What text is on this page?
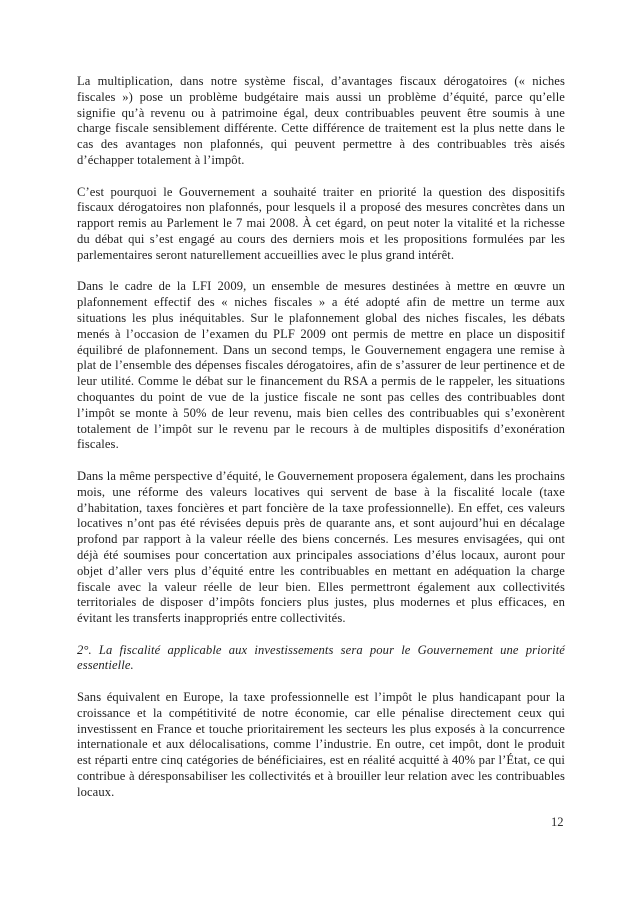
La multiplication, dans notre système fiscal, d’avantages fiscaux dérogatoires (« niches fiscales ») pose un problème budgétaire mais aussi un problème d’équité, parce qu’elle signifie qu’à revenu ou à patrimoine égal, deux contribuables peuvent être soumis à une charge fiscale sensiblement différente. Cette différence de traitement est la plus nette dans le cas des avantages non plafonnés, qui peuvent permettre à des contribuables très aisés d’échapper totalement à l’impôt.

C’est pourquoi le Gouvernement a souhaité traiter en priorité la question des dispositifs fiscaux dérogatoires non plafonnés, pour lesquels il a proposé des mesures concrètes dans un rapport remis au Parlement le 7 mai 2008. À cet égard, on peut noter la vitalité et la richesse du débat qui s’est engagé au cours des derniers mois et les propositions formulées par les parlementaires seront naturellement accueillies avec le plus grand intérêt.

Dans le cadre de la LFI 2009, un ensemble de mesures destinées à mettre en œuvre un plafonnement effectif des « niches fiscales » a été adopté afin de mettre un terme aux situations les plus inéquitables. Sur le plafonnement global des niches fiscales, les débats menés à l’occasion de l’examen du PLF 2009 ont permis de mettre en place un dispositif équilibré de plafonnement. Dans un second temps, le Gouvernement engagera une remise à plat de l’ensemble des dépenses fiscales dérogatoires, afin de s’assurer de leur pertinence et de leur utilité. Comme le débat sur le financement du RSA a permis de le rappeler, les situations choquantes du point de vue de la justice fiscale ne sont pas celles des contribuables dont l’impôt se monte à 50% de leur revenu, mais bien celles des contribuables qui s’exonèrent totalement de l’impôt sur le revenu par le recours à de multiples dispositifs d’exonération fiscales.

Dans la même perspective d’équité, le Gouvernement proposera également, dans les prochains mois, une réforme des valeurs locatives qui servent de base à la fiscalité locale (taxe d’habitation, taxes foncières et part foncière de la taxe professionnelle). En effet, ces valeurs locatives n’ont pas été révisées depuis près de quarante ans, et sont aujourd’hui en décalage profond par rapport à la valeur réelle des biens concernés. Les mesures envisagées, qui ont déjà été soumises pour concertation aux principales associations d’élus locaux, auront pour objet d’aller vers plus d’équité entre les contribuables en mettant en adéquation la charge fiscale avec la valeur réelle de leur bien. Elles permettront également aux collectivités territoriales de disposer d’impôts fonciers plus justes, plus modernes et plus efficaces, en évitant les transferts inappropriés entre collectivités.

2°. La fiscalité applicable aux investissements sera pour le Gouvernement une priorité essentielle.

Sans équivalent en Europe, la taxe professionnelle est l’impôt le plus handicapant pour la croissance et la compétitivité de notre économie, car elle pénalise directement ceux qui investissent en France et touche prioritairement les secteurs les plus exposés à la concurrence internationale et aux délocalisations, comme l’industrie. En outre, cet impôt, dont le produit est réparti entre cinq catégories de bénéficiaires, est en réalité acquitté à 40% par l’État, ce qui contribue à déresponsabiliser les collectivités et à brouiller leur relation avec les contribuables locaux.

12
